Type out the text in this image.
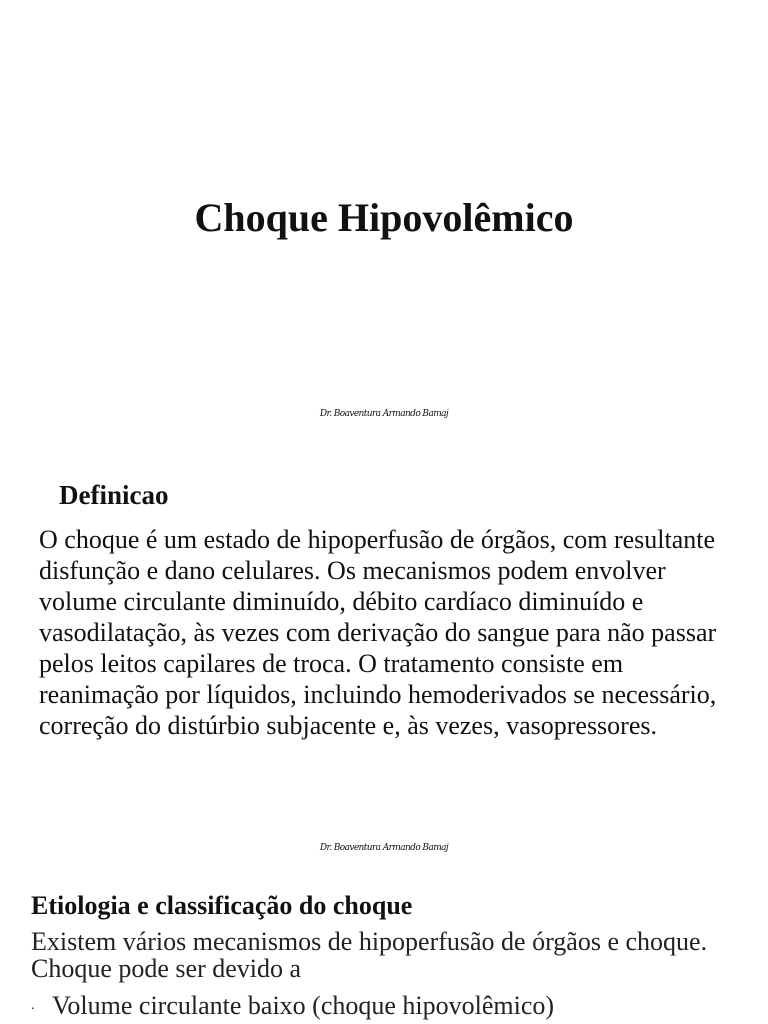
Choque Hipovolêmico
Dr. Boaventura Armando Bamaj
Definicao

O choque é um estado de hipoperfusão de órgãos, com resultante disfunção e dano celulares. Os mecanismos podem envolver volume circulante diminuído, débito cardíaco diminuído e vasodilatação, às vezes com derivação do sangue para não passar pelos leitos capilares de troca. O tratamento consiste em reanimação por líquidos, incluindo hemoderivados se necessário, correção do distúrbio subjacente e, às vezes, vasopressores.

Dr. Boaventura Armando Bamaj
Etiologia e classificação do choque

Existem vários mecanismos de hipoperfusão de órgãos e choque. Choque pode ser devido a

. Volume circulante baixo (choque hipovolêmico)
